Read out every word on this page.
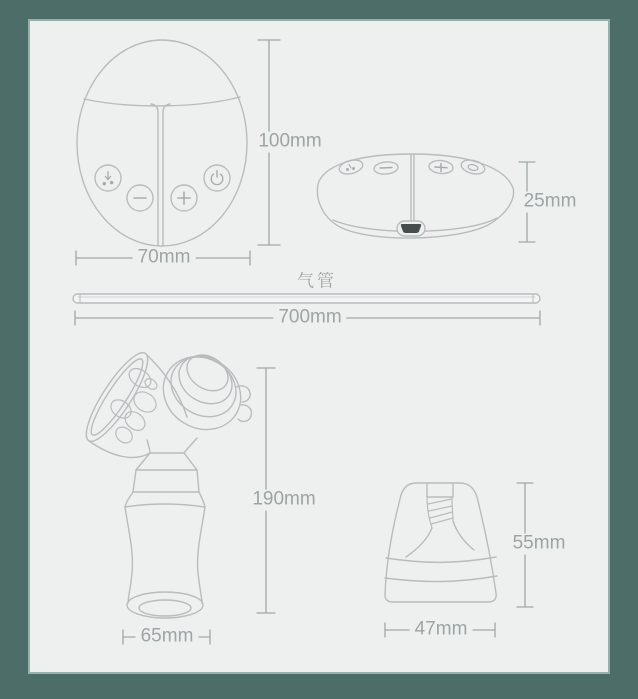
100mm
70mm
25mm
气管
700mm
190mm
65mm
55mm
47mm
